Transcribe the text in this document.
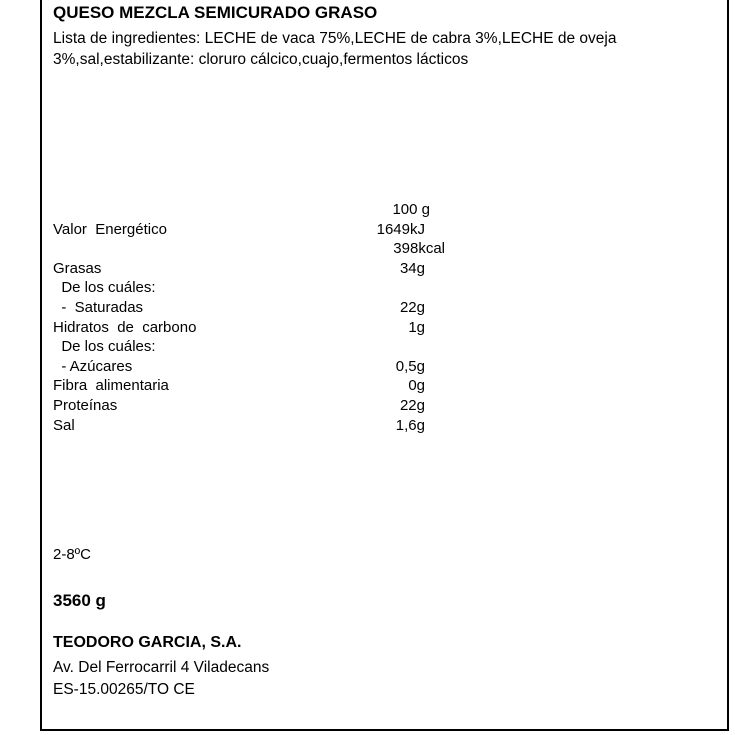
QUESO MEZCLA SEMICURADO GRASO
Lista de ingredientes: LECHE de vaca 75%,LECHE de cabra 3%,LECHE de oveja 3%,sal,estabilizante: cloruro cálcico,cuajo,fermentos lácticos
100 g
Valor  Energético	1649kJ
398kcal
Grasas	34g
De los cuáles:
-  Saturadas	22g
Hidratos  de  carbono	1g
De los cuáles:
- Azúcares	0,5g
Fibra  alimentaria	0g
Proteínas	22g
Sal	1,6g
2-8ºC
3560 g
TEODORO GARCIA, S.A.
Av. Del Ferrocarril 4 Viladecans
ES-15.00265/TO CE
